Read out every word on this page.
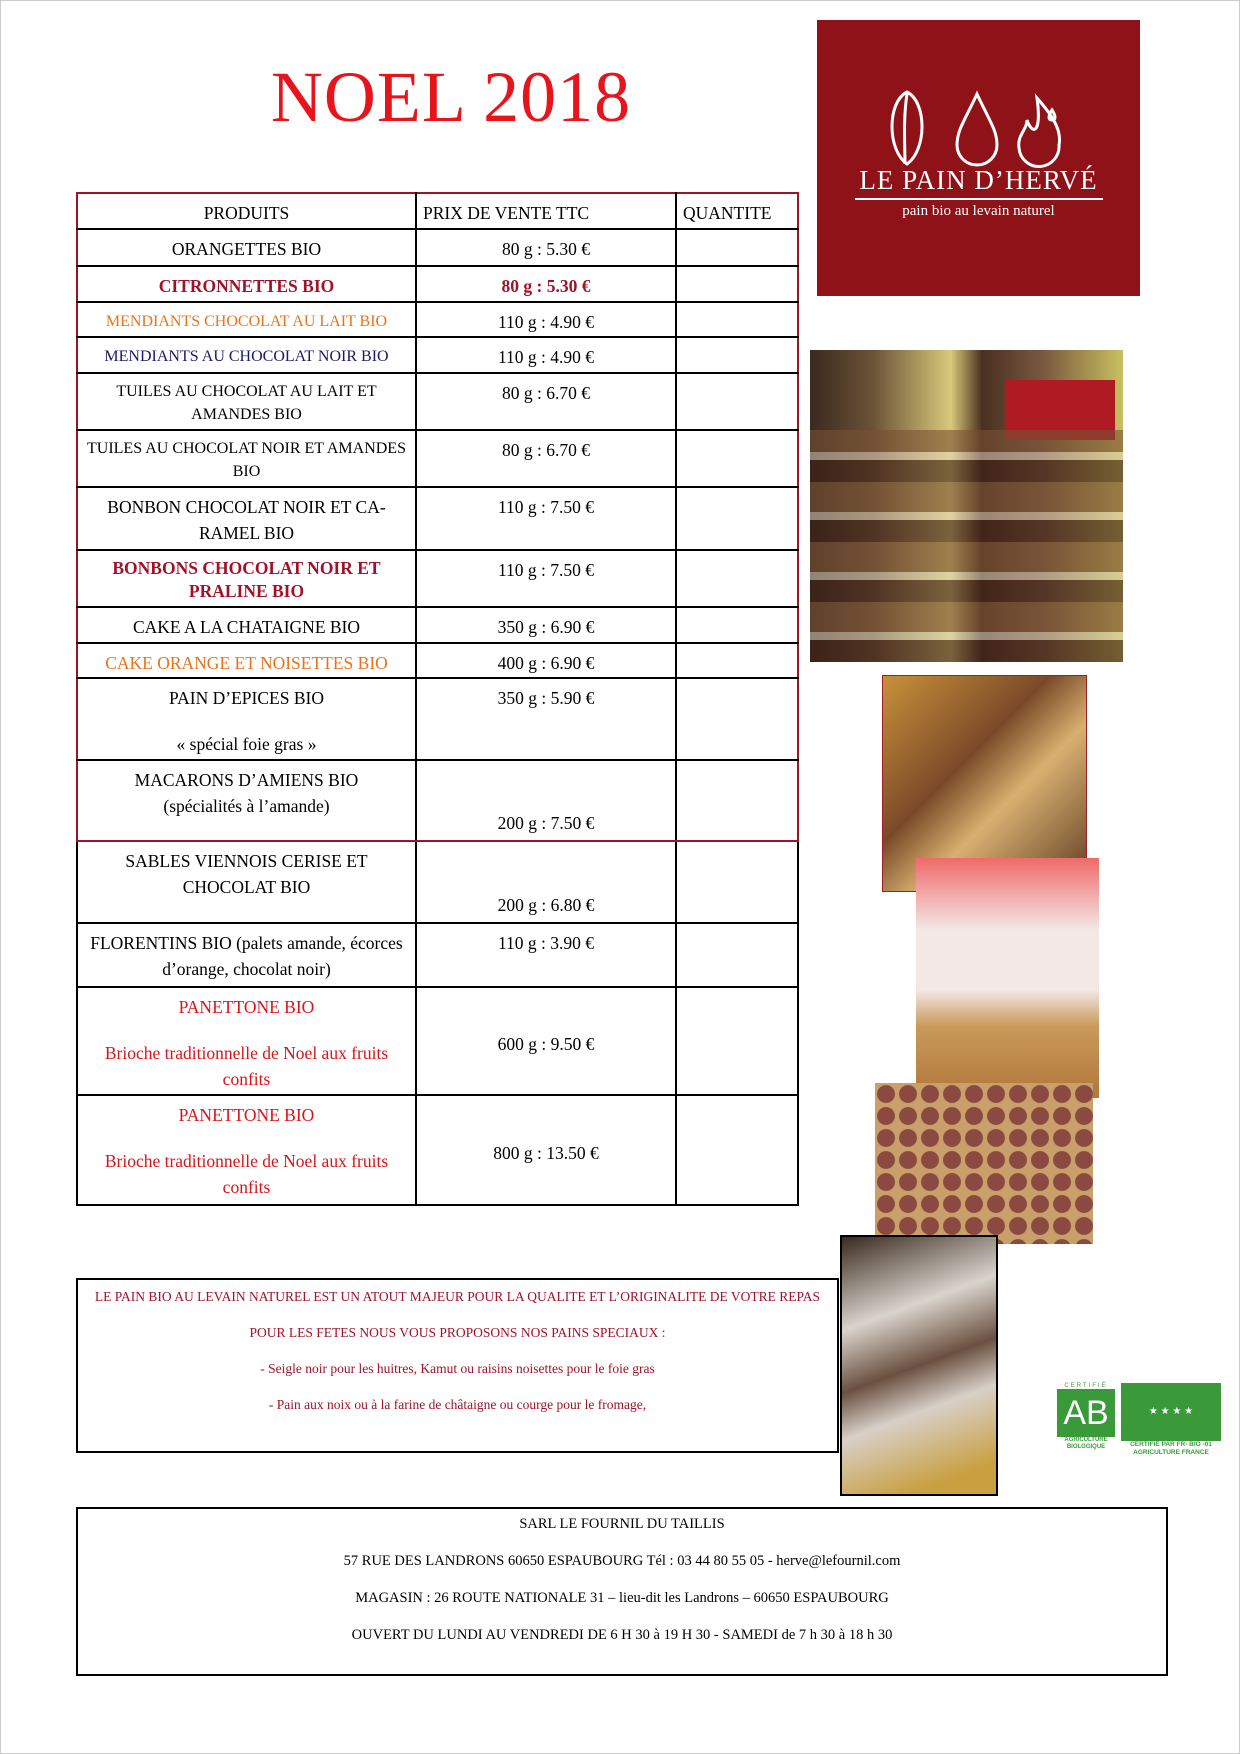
NOEL 2018
LE PAIN D’HERVÉ
pain bio au levain naturel
PRODUITS	PRIX DE VENTE TTC	QUANTITE
ORANGETTES BIO	80 g : 5.30 €	
CITRONNETTES BIO	80 g : 5.30 €	
MENDIANTS CHOCOLAT AU LAIT BIO	110 g : 4.90 €	
MENDIANTS AU CHOCOLAT NOIR BIO	110 g : 4.90 €	
TUILES AU CHOCOLAT AU LAIT ET AMANDES BIO	80 g : 6.70 €	
TUILES AU CHOCOLAT NOIR ET AMANDES BIO	80 g : 6.70 €	
BONBON CHOCOLAT NOIR ET CA-RAMEL BIO	110 g : 7.50 €	
BONBONS CHOCOLAT NOIR ET PRALINE BIO	110 g : 7.50 €	
CAKE A LA CHATAIGNE BIO	350 g : 6.90 €	
CAKE ORANGE ET NOISETTES BIO	400 g : 6.90 €	

PAIN D’EPICES BIO
« spécial foie gras »	350 g : 5.90 €	

MACARONS D’AMIENS BIO
(spécialités à l’amande)	200 g : 7.50 €	
SABLES VIENNOIS CERISE ET CHOCOLAT BIO	200 g : 6.80 €	
FLORENTINS BIO (palets amande, écorces d’orange, chocolat noir)	110 g : 3.90 €	

PANETTONE BIO
Brioche traditionnelle de Noel aux fruits confits	600 g : 9.50 €	

PANETTONE BIO
Brioche traditionnelle de Noel aux fruits confits	800 g : 13.50 €	

LE PAIN BIO AU LEVAIN NATUREL EST UN ATOUT MAJEUR POUR LA QUALITE ET L’ORIGINALITE DE VOTRE REPAS

POUR LES FETES NOUS VOUS PROPOSONS NOS PAINS SPECIAUX :

- Seigle noir pour les huitres, Kamut ou raisins noisettes pour le foie gras

- Pain aux noix ou à la farine de châtaigne ou courge pour le fromage,

CERTIFIÉ
AB
AGRICULTURE BIOLOGIQUE
★ ★ ★ ★
CERTIFIÉ PAR FR- BIO -01 AGRICULTURE FRANCE

SARL LE FOURNIL DU TAILLIS

57 RUE DES LANDRONS 60650 ESPAUBOURG Tél : 03 44 80 55 05 - herve@lefournil.com

MAGASIN : 26 ROUTE NATIONALE 31 – lieu-dit les Landrons – 60650 ESPAUBOURG

OUVERT DU LUNDI AU VENDREDI DE 6 H 30 à 19 H 30 - SAMEDI de 7 h 30 à 18 h 30
